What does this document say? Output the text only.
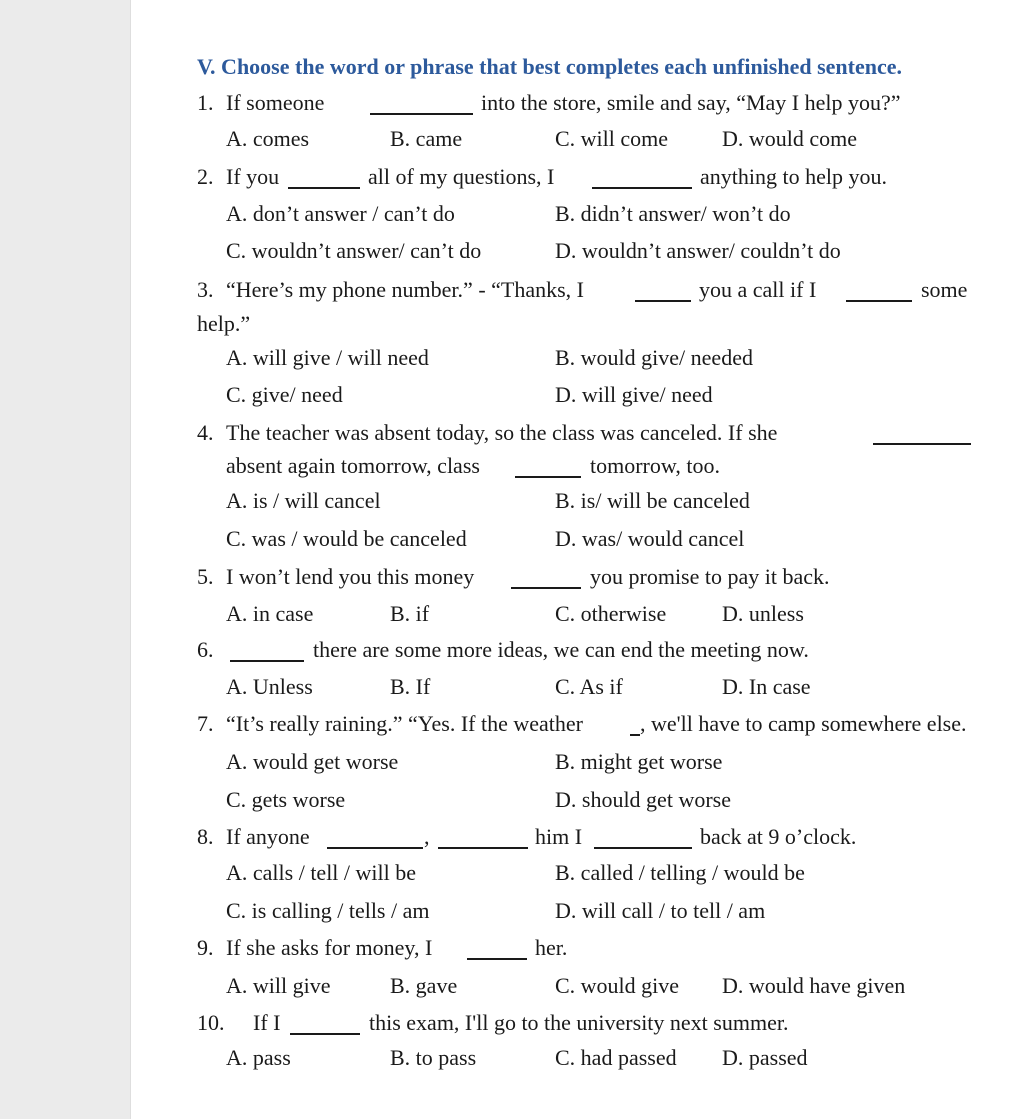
V. Choose the word or phrase that best completes each unfinished sentence.
1. If someone	into the store, smile and say, “May I help you?”
A. comes	B. came	C. will come D. would come
2. If you	all of my questions, I	anything to help you.
A. don’t answer / can’t do	B. didn’t answer/ won’t do
C. wouldn’t answer/ can’t do	D. wouldn’t answer/ couldn’t do
3. “Here’s my phone number.” - “Thanks, I	you a call if I	some
help.”
A. will give / will need	B. would give/ needed
C. give/ need	D. will give/ need
4. The teacher was absent today, so the class was canceled. If she
absent again tomorrow, class	tomorrow, too.
A. is / will cancel	B. is/ will be canceled
C. was / would be canceled	D. was/ would cancel
5. I won’t lend you this money	you promise to pay it back.
A. in case	B. if	C. otherwise	D. unless
6.	there are some more ideas, we can end the meeting now.
A. Unless	B. If	C. As if	D. In case
7. “It’s really raining.” “Yes. If the weather	, we'll have to camp somewhere else.
A. would get worse	B. might get worse
C. gets worse	D. should get worse
8. If anyone	,	him I	back at 9 o’clock.
A. calls / tell / will be	B. called / telling / would be
C. is calling / tells / am	D. will call / to tell / am
9. If she asks for money, I	her.
A. will give	B. gave	C. would give D. would have given
10. If I	this exam, I'll go to the university next summer.
A. pass	B. to pass	C. had passed D. passed
